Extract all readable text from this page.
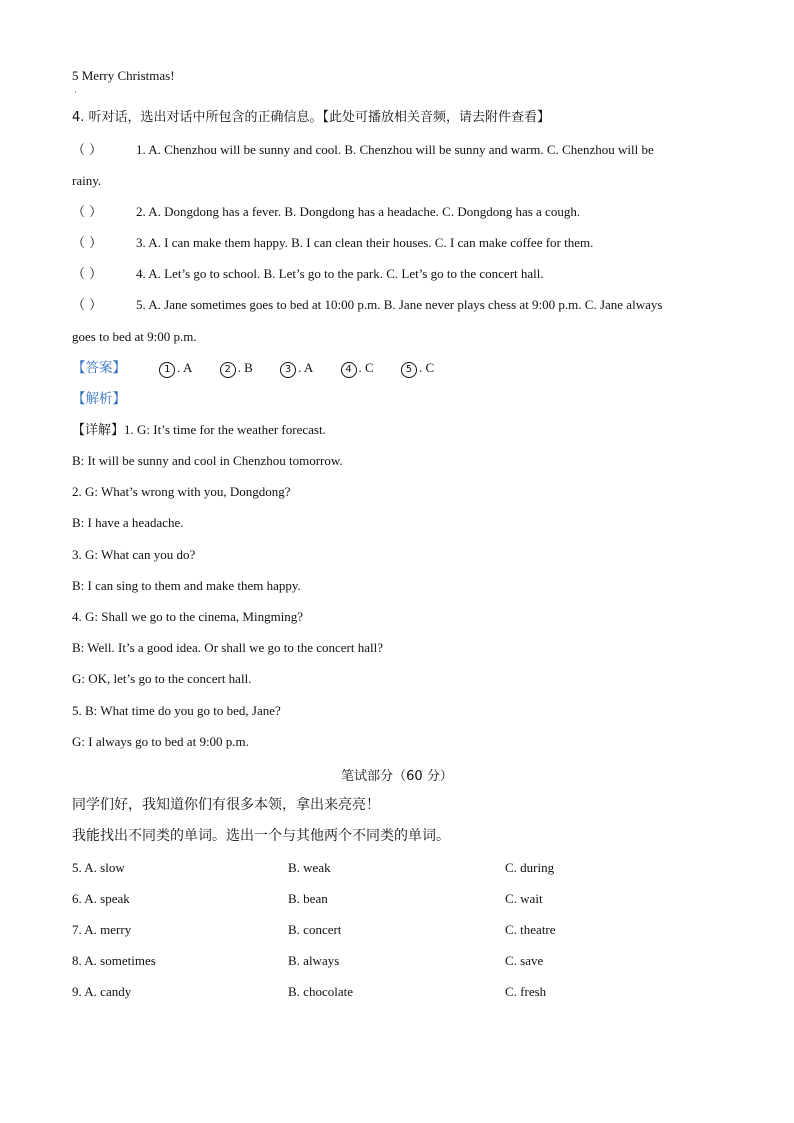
5 Merry Christmas!
·
4. 听对话，选出对话中所包含的正确信息。【此处可播放相关音频，请去附件查看】
（ ）	1. A. Chenzhou will be sunny and cool. B. Chenzhou will be sunny and warm. C. Chenzhou will be
rainy.
（ ）	2. A. Dongdong has a fever. B. Dongdong has a headache. C. Dongdong has a cough.
（ ）	3. A. I can make them happy. B. I can clean their houses. C. I can make coffee for them.
（ ）	4. A. Let’s go to school. B. Let’s go to the park. C. Let’s go to the concert hall.
（ ）	5. A. Jane sometimes goes to bed at 10:00 p.m. B. Jane never plays chess at 9:00 p.m. C. Jane always
goes to bed at 9:00 p.m.
【答案】	1 . A	2 . B	3 . A	4 . C	5 . C
【解析】
【详解】1. G: It’s time for the weather forecast.
B: It will be sunny and cool in Chenzhou tomorrow.
2. G: What’s wrong with you, Dongdong?
B: I have a headache.
3. G: What can you do?
B: I can sing to them and make them happy.
4. G: Shall we go to the cinema, Mingming?
B: Well. It’s a good idea. Or shall we go to the concert hall?
G: OK, let’s go to the concert hall.
5. B: What time do you go to bed, Jane?
G: I always go to bed at 9:00 p.m.
笔试部分（60 分）
同学们好，我知道你们有很多本领，拿出来亮亮！
我能找出不同类的单词。选出一个与其他两个不同类的单词。
5. A. slow	B. weak	C. during
6. A. speak	B. bean	C. wait
7. A. merry	B. concert	C. theatre
8. A. sometimes	B. always	C. save
9. A. candy	B. chocolate	C. fresh
